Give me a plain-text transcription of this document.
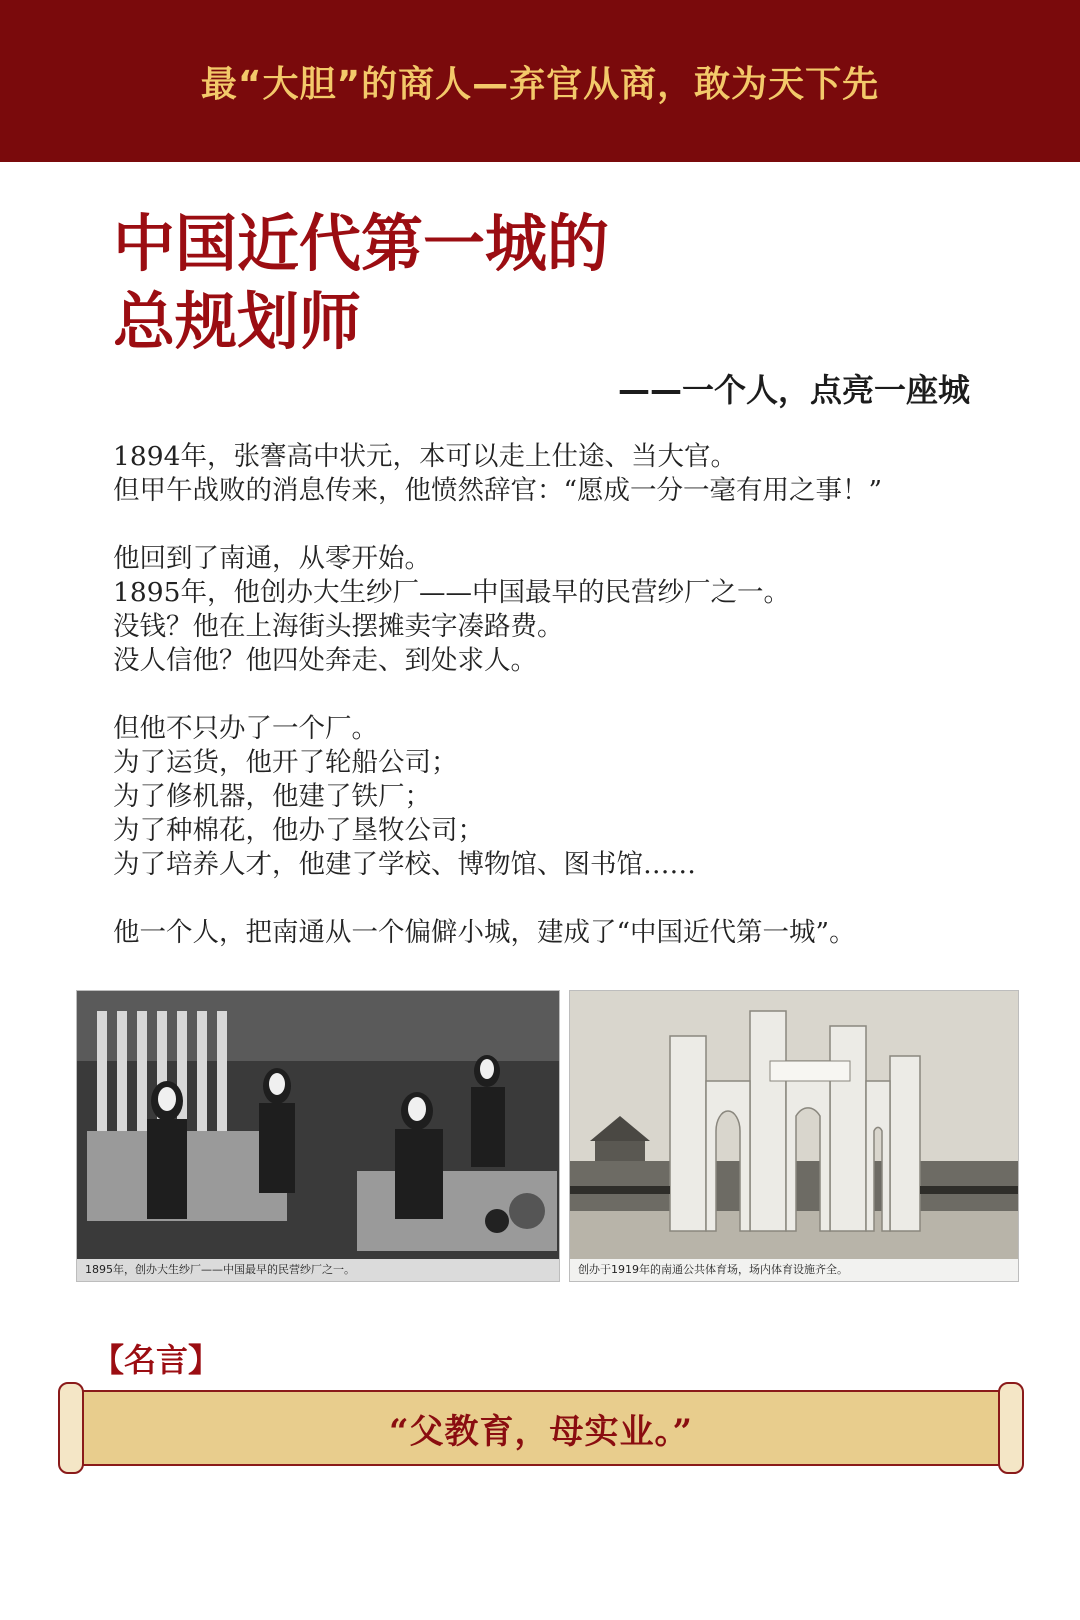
最“大胆”的商人—弃官从商，敢为天下先
中国近代第一城的
总规划师
——一个人，点亮一座城

1894年，张謇高中状元，本可以走上仕途、当大官。

但甲午战败的消息传来，他愤然辞官：“愿成一分一毫有用之事！”

他回到了南通，从零开始。

1895年，他创办大生纱厂——中国最早的民营纱厂之一。

没钱？他在上海街头摆摊卖字凑路费。

没人信他？他四处奔走、到处求人。

但他不只办了一个厂。

为了运货，他开了轮船公司；

为了修机器，他建了铁厂；

为了种棉花，他办了垦牧公司；

为了培养人才，他建了学校、博物馆、图书馆……

他一个人，把南通从一个偏僻小城，建成了“中国近代第一城”。

1895年，创办大生纱厂——中国最早的民营纱厂之一。	创办于1919年的南通公共体育场，场内体育设施齐全。
【名言】
“父教育，母实业。”
